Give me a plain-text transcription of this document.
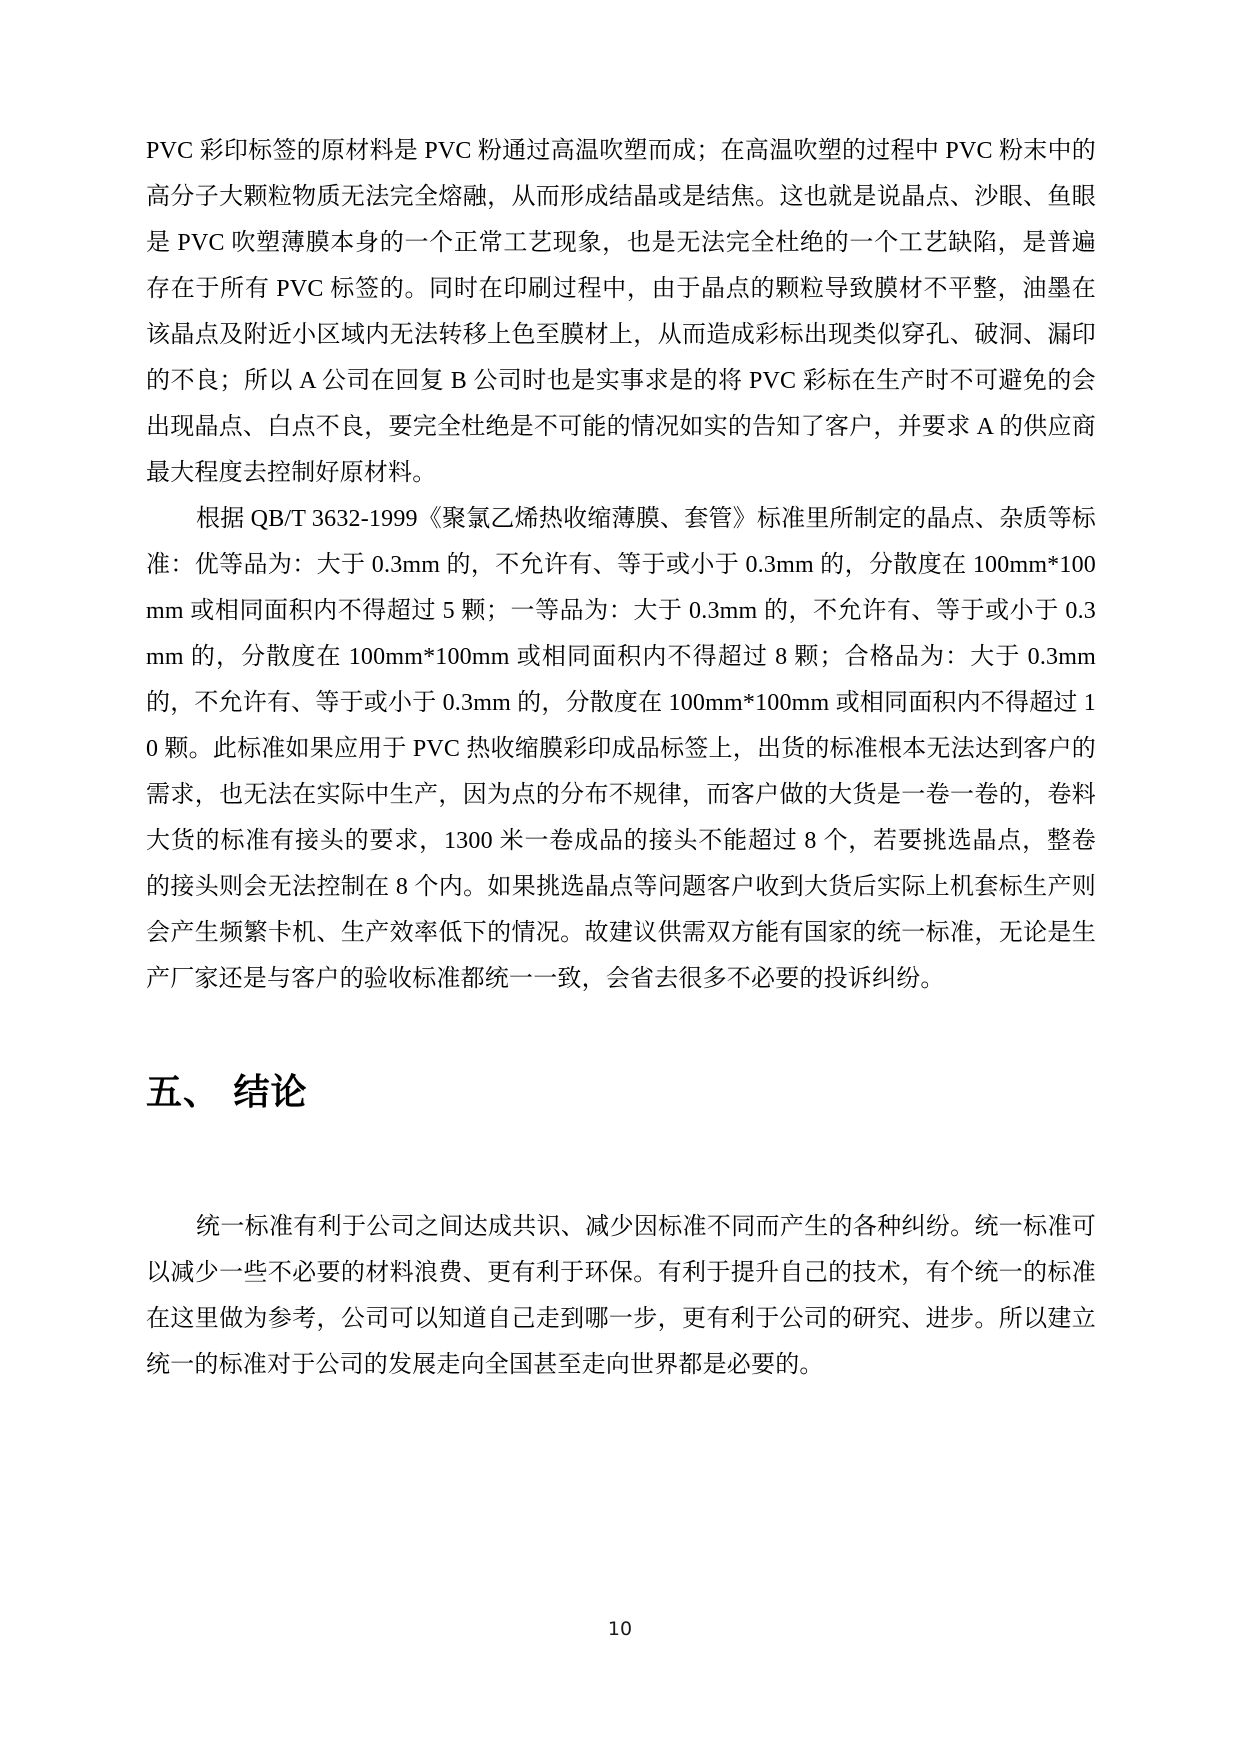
PVC 彩印标签的原材料是 PVC 粉通过高温吹塑而成；在高温吹塑的过程中 PVC 粉末中的高分子大颗粒物质无法完全熔融，从而形成结晶或是结焦。这也就是说晶点、沙眼、鱼眼是 PVC 吹塑薄膜本身的一个正常工艺现象，也是无法完全杜绝的一个工艺缺陷，是普遍存在于所有 PVC 标签的。同时在印刷过程中，由于晶点的颗粒导致膜材不平整，油墨在该晶点及附近小区域内无法转移上色至膜材上，从而造成彩标出现类似穿孔、破洞、漏印的不良；所以 A 公司在回复 B 公司时也是实事求是的将 PVC 彩标在生产时不可避免的会出现晶点、白点不良，要完全杜绝是不可能的情况如实的告知了客户，并要求 A 的供应商最大程度去控制好原材料。

根据 QB/T 3632-1999《聚氯乙烯热收缩薄膜、套管》标准里所制定的晶点、杂质等标准：优等品为：大于 0.3mm 的，不允许有、等于或小于 0.3mm 的，分散度在 100mm*100mm 或相同面积内不得超过 5 颗；一等品为：大于 0.3mm 的，不允许有、等于或小于 0.3mm 的，分散度在 100mm*100mm 或相同面积内不得超过 8 颗；合格品为：大于 0.3mm 的，不允许有、等于或小于 0.3mm 的，分散度在 100mm*100mm 或相同面积内不得超过 10 颗。此标准如果应用于 PVC 热收缩膜彩印成品标签上，出货的标准根本无法达到客户的需求，也无法在实际中生产，因为点的分布不规律，而客户做的大货是一卷一卷的，卷料大货的标准有接头的要求，1300 米一卷成品的接头不能超过 8 个，若要挑选晶点，整卷的接头则会无法控制在 8 个内。如果挑选晶点等问题客户收到大货后实际上机套标生产则会产生频繁卡机、生产效率低下的情况。故建议供需双方能有国家的统一标准，无论是生产厂家还是与客户的验收标准都统一一致，会省去很多不必要的投诉纠纷。

五、 结论

统一标准有利于公司之间达成共识、减少因标准不同而产生的各种纠纷。统一标准可以减少一些不必要的材料浪费、更有利于环保。有利于提升自己的技术，有个统一的标准在这里做为参考，公司可以知道自己走到哪一步，更有利于公司的研究、进步。所以建立统一的标准对于公司的发展走向全国甚至走向世界都是必要的。

10
